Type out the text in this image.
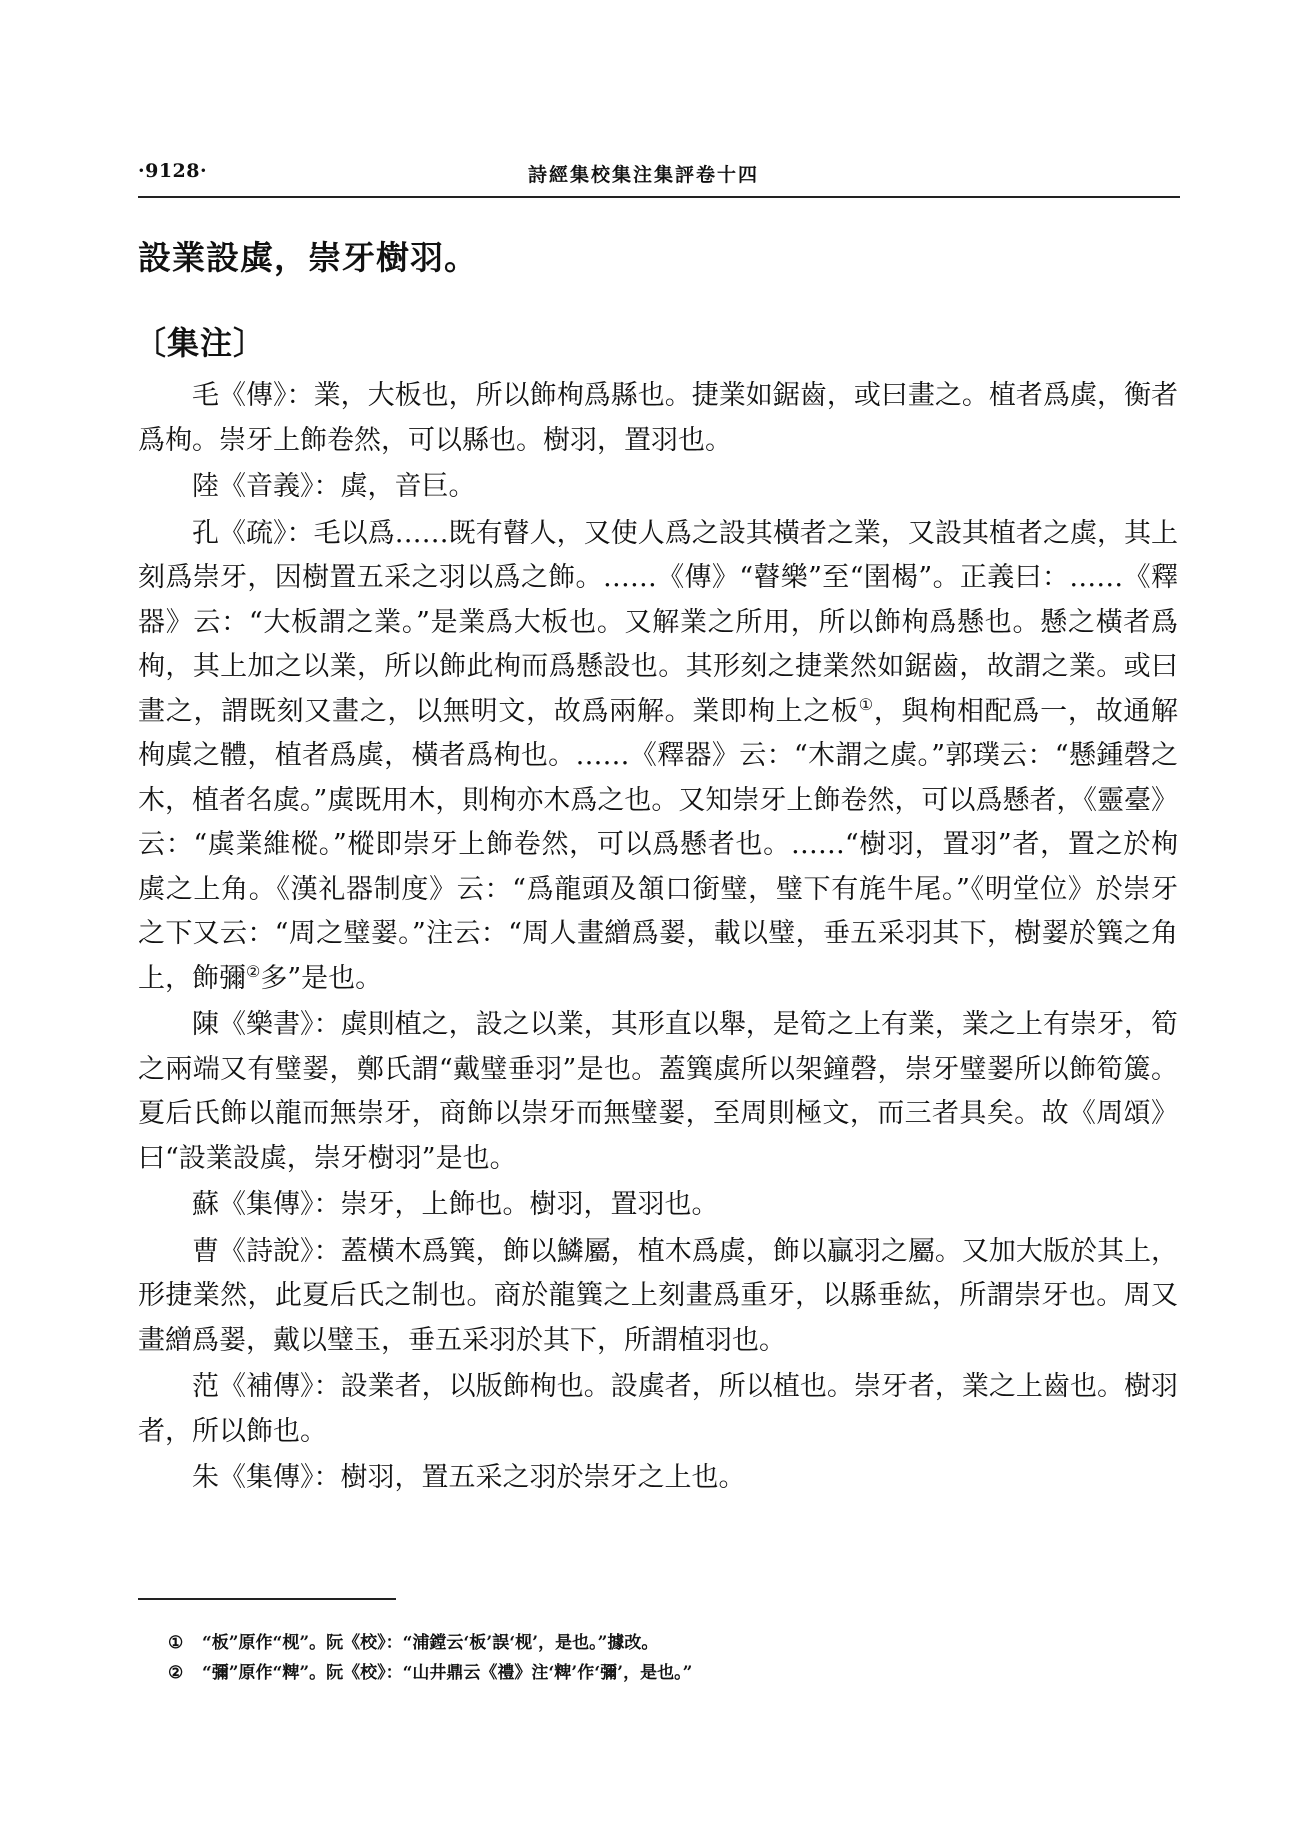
·9128·	詩經集校集注集評卷十四
設業設虡，崇牙樹羽。
〔集注〕

毛《傳》：業，大板也，所以飾栒爲縣也。捷業如鋸齒，或曰畫之。植者爲虡，衡者爲栒。崇牙上飾卷然，可以縣也。樹羽，置羽也。

陸《音義》：虡，音巨。

孔《疏》：毛以爲……既有瞽人，又使人爲之設其橫者之業，又設其植者之虡，其上刻爲崇牙，因樹置五采之羽以爲之飾。……《傳》“瞽樂”至“圉楬”。正義曰：……《釋器》云：“大板謂之業。”是業爲大板也。又解業之所用，所以飾栒爲懸也。懸之橫者爲栒，其上加之以業，所以飾此栒而爲懸設也。其形刻之捷業然如鋸齒，故謂之業。或曰畫之，謂既刻又畫之，以無明文，故爲兩解。業即栒上之板①，與栒相配爲一，故通解栒虡之體，植者爲虡，橫者爲栒也。……《釋器》云：“木謂之虡。”郭璞云：“懸鍾磬之木，植者名虡。”虡既用木，則栒亦木爲之也。又知崇牙上飾卷然，可以爲懸者，《靈臺》云：“虡業維樅。”樅即崇牙上飾卷然，可以爲懸者也。……“樹羽，置羽”者，置之於栒虡之上角。《漢礼器制度》云：“爲龍頭及頷口銜璧，璧下有旄牛尾。”《明堂位》於崇牙之下又云：“周之璧翣。”注云：“周人畫繒爲翣，載以璧，垂五采羽其下，樹翣於簨之角上，飾彌②多”是也。

陳《樂書》：虡則植之，設之以業，其形直以舉，是筍之上有業，業之上有崇牙，筍之兩端又有璧翣，鄭氏謂“戴璧垂羽”是也。蓋簨虡所以架鐘磬，崇牙璧翣所以飾筍簴。夏后氏飾以龍而無崇牙，商飾以崇牙而無璧翣，至周則極文，而三者具矣。故《周頌》曰“設業設虡，崇牙樹羽”是也。

蘇《集傳》：崇牙，上飾也。樹羽，置羽也。

曹《詩說》：蓋橫木爲簨，飾以鱗屬，植木爲虡，飾以贏羽之屬。又加大版於其上，形捷業然，此夏后氏之制也。商於龍簨之上刻畫爲重牙，以縣垂紘，所謂崇牙也。周又畫繒爲翣，戴以璧玉，垂五采羽於其下，所謂植羽也。

范《補傳》：設業者，以版飾栒也。設虡者，所以植也。崇牙者，業之上齒也。樹羽者，所以飾也。

朱《集傳》：樹羽，置五采之羽於崇牙之上也。

① “板”原作“枧”。阮《校》：“浦鏜云‘板’誤‘枧’，是也。”據改。
② “彌”原作“粺”。阮《校》：“山井鼎云《禮》注‘粺’作‘彌’，是也。”
